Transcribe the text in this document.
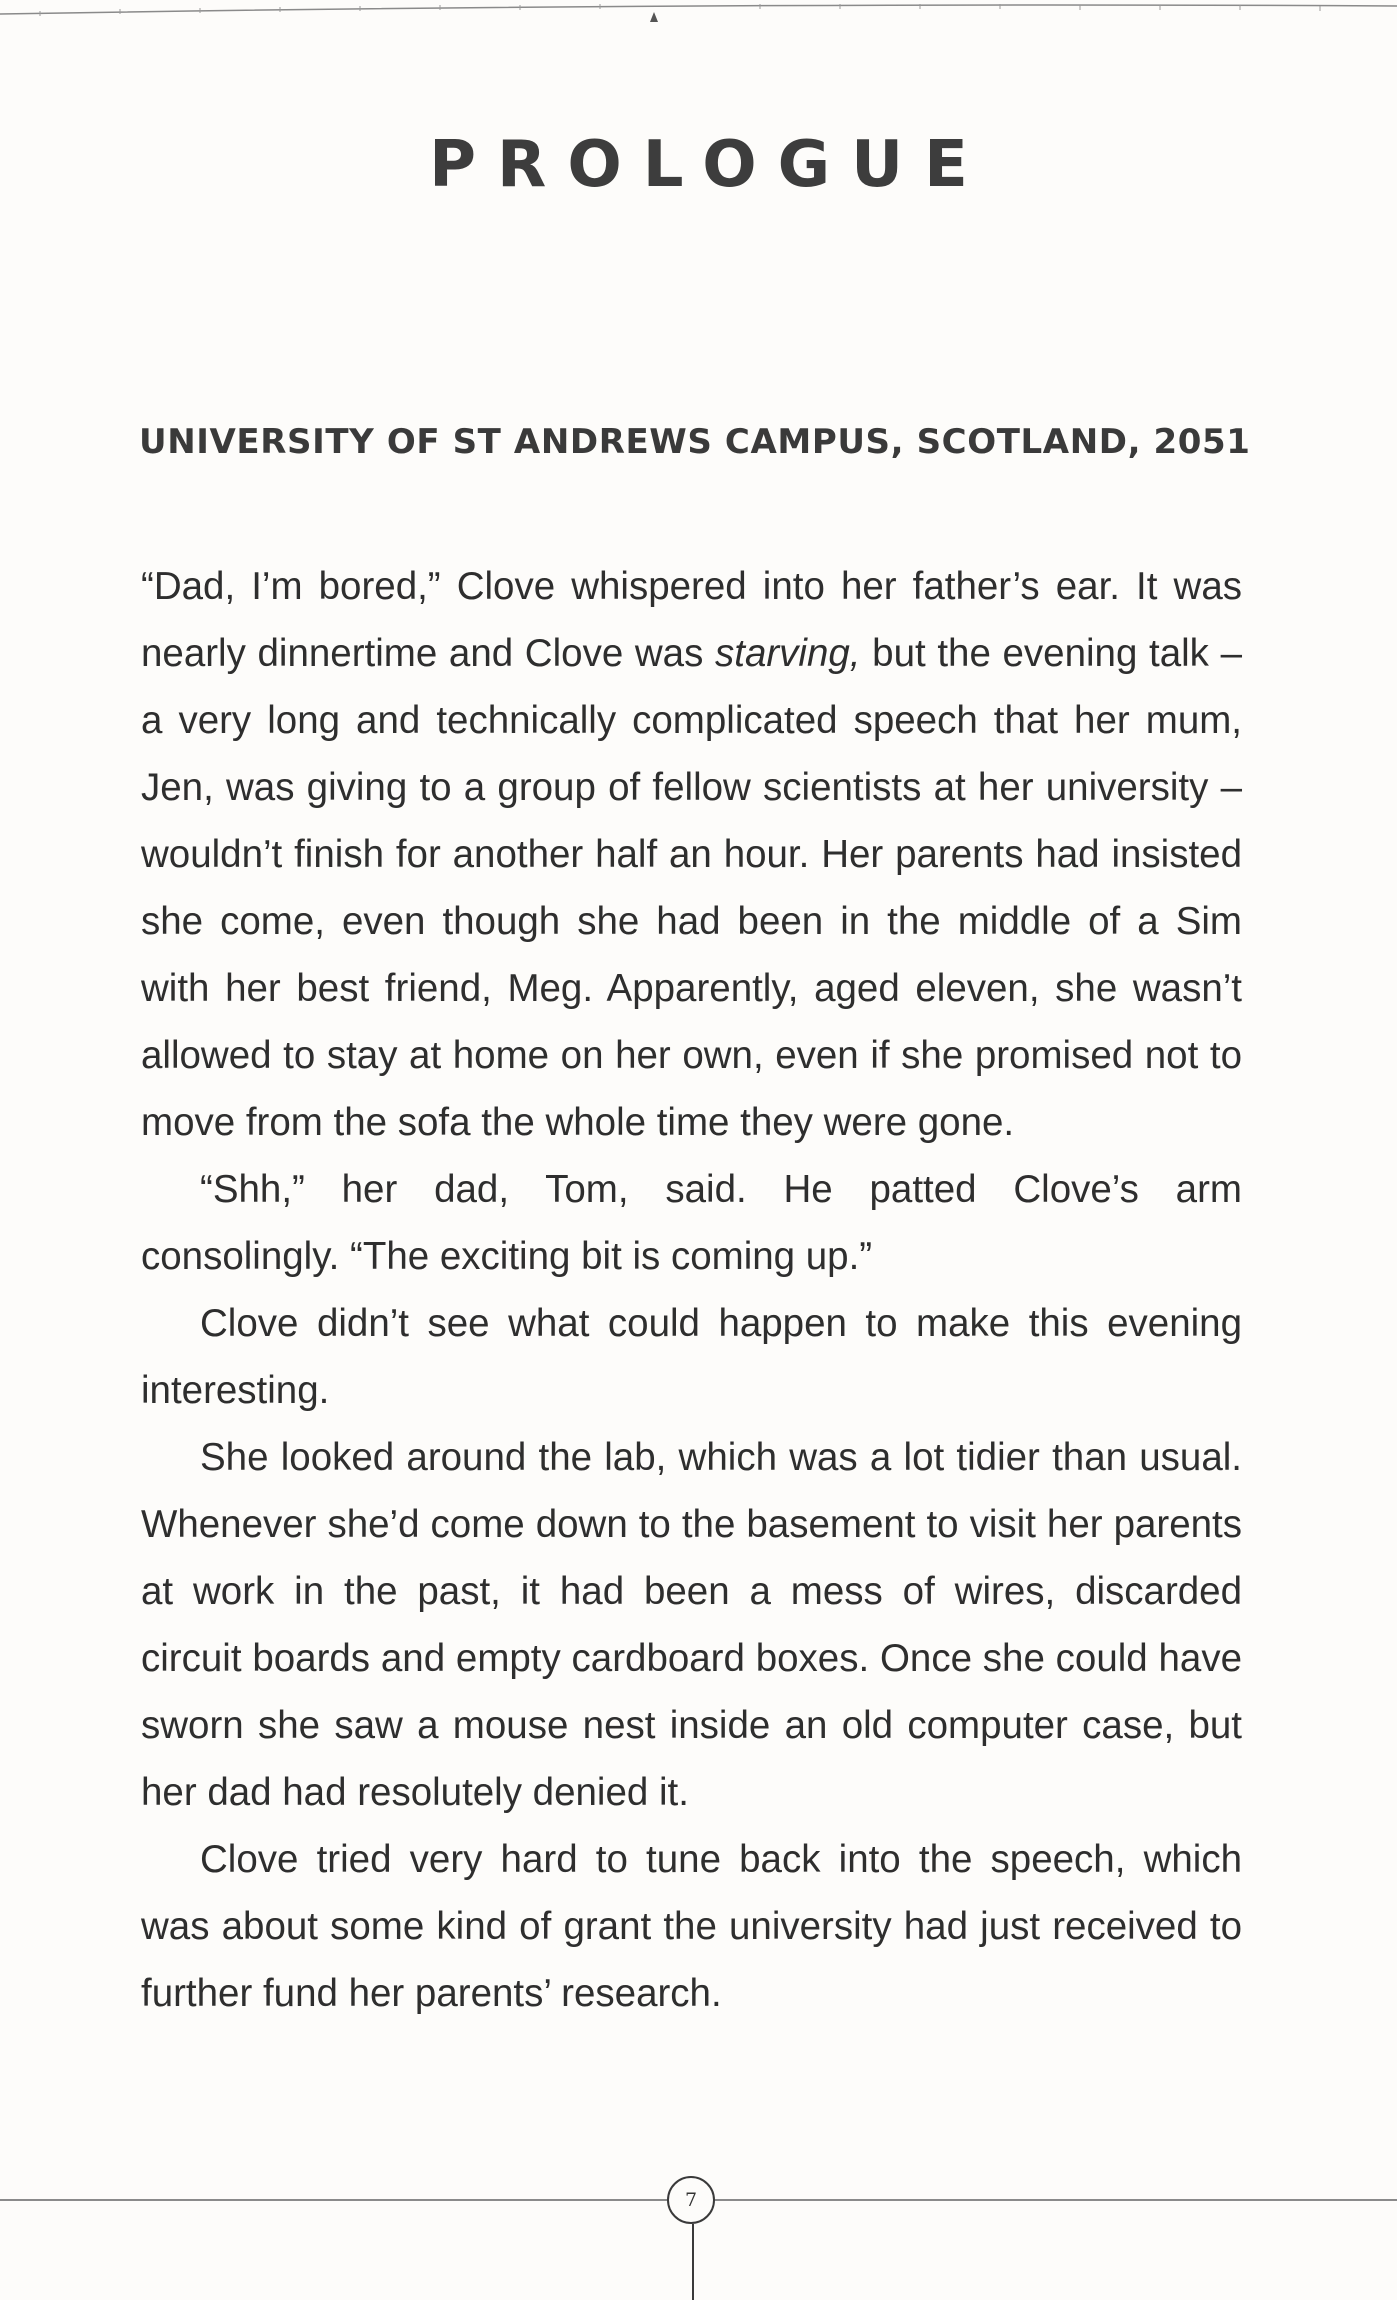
PROLOGUE
UNIVERSITY OF ST ANDREWS CAMPUS, SCOTLAND, 2051

“Dad, I’m bored,” Clove whispered into her father’s ear. It was nearly dinnertime and Clove was starving, but the evening talk – a very long and technically complicated speech that her mum, Jen, was giving to a group of fellow scientists at her university – wouldn’t finish for another half an hour. Her parents had insisted she come, even though she had been in the middle of a Sim with her best friend, Meg. Apparently, aged eleven, she wasn’t allowed to stay at home on her own, even if she promised not to move from the sofa the whole time they were gone.

“Shh,” her dad, Tom, said. He patted Clove’s arm consolingly. “The exciting bit is coming up.”

Clove didn’t see what could happen to make this evening interesting.

She looked around the lab, which was a lot tidier than usual. Whenever she’d come down to the basement to visit her parents at work in the past, it had been a mess of wires, discarded circuit boards and empty cardboard boxes. Once she could have sworn she saw a mouse nest inside an old computer case, but her dad had resolutely denied it.

Clove tried very hard to tune back into the speech, which was about some kind of grant the university had just received to further fund her parents’ research.

7
